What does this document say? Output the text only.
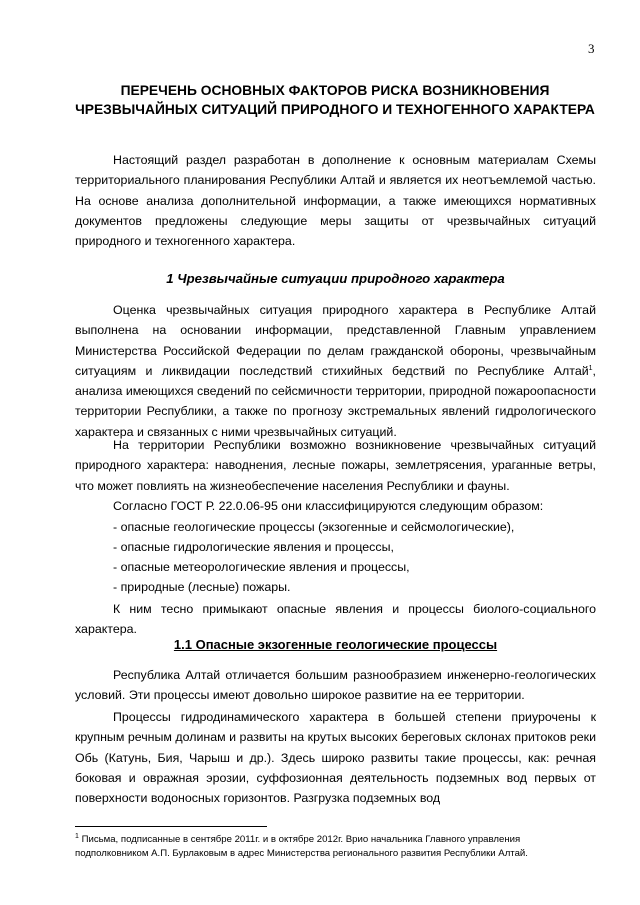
3
ПЕРЕЧЕНЬ ОСНОВНЫХ ФАКТОРОВ РИСКА ВОЗНИКНОВЕНИЯ ЧРЕЗВЫЧАЙНЫХ СИТУАЦИЙ ПРИРОДНОГО И ТЕХНОГЕННОГО ХАРАКТЕРА
Настоящий раздел разработан в дополнение к основным материалам Схемы территориального планирования Республики Алтай и является их неотъемлемой частью. На основе анализа дополнительной информации, а также имеющихся нормативных документов предложены следующие меры защиты от чрезвычайных ситуаций природного и техногенного характера.
1 Чрезвычайные ситуации природного характера
Оценка чрезвычайных ситуация природного характера в Республике Алтай выполнена на основании информации, представленной Главным управлением Министерства Российской Федерации по делам гражданской обороны, чрезвычайным ситуациям и ликвидации последствий стихийных бедствий по Республике Алтай$^1$, анализа имеющихся сведений по сейсмичности территории, природной пожароопасности территории Республики, а также по прогнозу экстремальных явлений гидрологического характера и связанных с ними чрезвычайных ситуаций.
На территории Республики возможно возникновение чрезвычайных ситуаций природного характера: наводнения, лесные пожары, землетрясения, ураганные ветры, что может повлиять на жизнеобеспечение населения Республики и фауны.
Согласно ГОСТ Р. 22.0.06-95 они классифицируются следующим образом:
- опасные геологические процессы (экзогенные и сейсмологические),
- опасные гидрологические явления и процессы,
- опасные метеорологические явления и процессы,
- природные (лесные) пожары.
К ним тесно примыкают опасные явления и процессы биолого-социального характера.
1.1 Опасные экзогенные геологические процессы
Республика Алтай отличается большим разнообразием инженерно-геологических условий. Эти процессы имеют довольно широкое развитие на ее территории.
Процессы гидродинамического характера в большей степени приурочены к крупным речным долинам и развиты на крутых высоких береговых склонах притоков реки Обь (Катунь, Бия, Чарыш и др.). Здесь широко развиты такие процессы, как: речная боковая и овражная эрозии, суффозионная деятельность подземных вод первых от поверхности водоносных горизонтов. Разгрузка подземных вод
$^1$ Письма, подписанные в сентябре 2011г. и в октябре 2012г. Врио начальника Главного управления подполковником А.П. Бурлаковым в адрес Министерства регионального развития Республики Алтай.
